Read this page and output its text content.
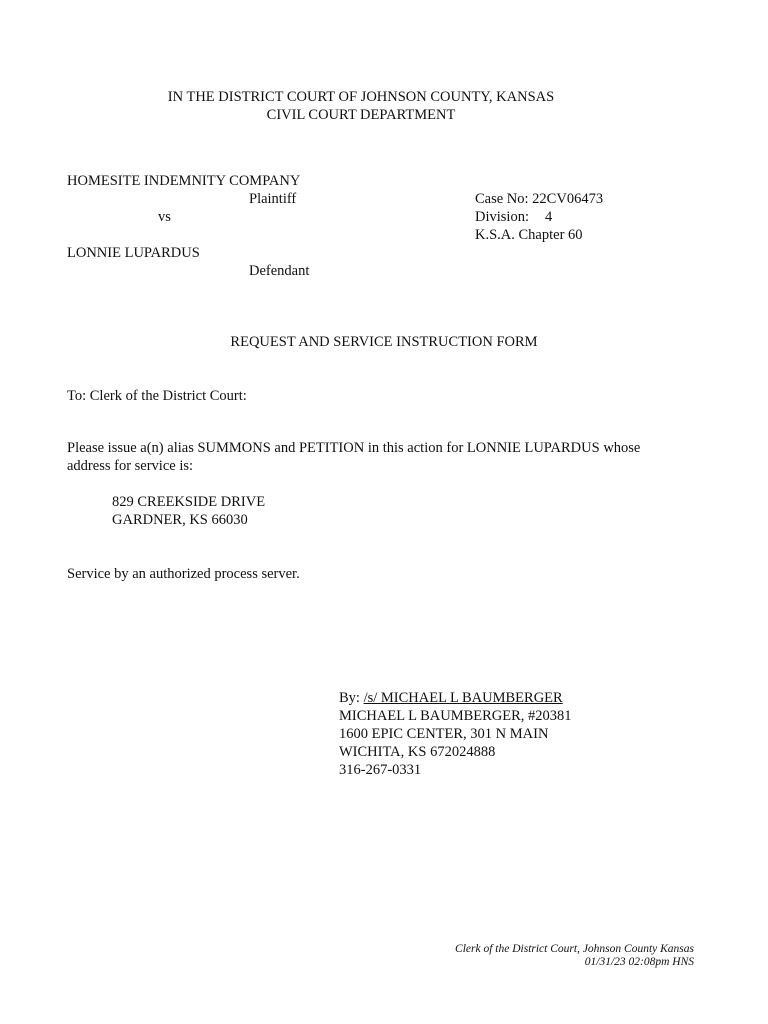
IN THE DISTRICT COURT OF JOHNSON COUNTY, KANSAS
CIVIL COURT DEPARTMENT
HOMESITE INDEMNITY COMPANY
Plaintiff
vs
LONNIE LUPARDUS
Defendant
Case No: 22CV06473
Division: 4
K.S.A. Chapter 60
REQUEST AND SERVICE INSTRUCTION FORM
To: Clerk of the District Court:
Please issue a(n) alias SUMMONS and PETITION in this action for LONNIE LUPARDUS whose
address for service is:
829 CREEKSIDE DRIVE
GARDNER, KS 66030
Service by an authorized process server.
By: /s/ MICHAEL L BAUMBERGER
MICHAEL L BAUMBERGER, #20381
1600 EPIC CENTER, 301 N MAIN
WICHITA, KS 672024888
316-267-0331
Clerk of the District Court, Johnson County Kansas
01/31/23 02:08pm HNS
